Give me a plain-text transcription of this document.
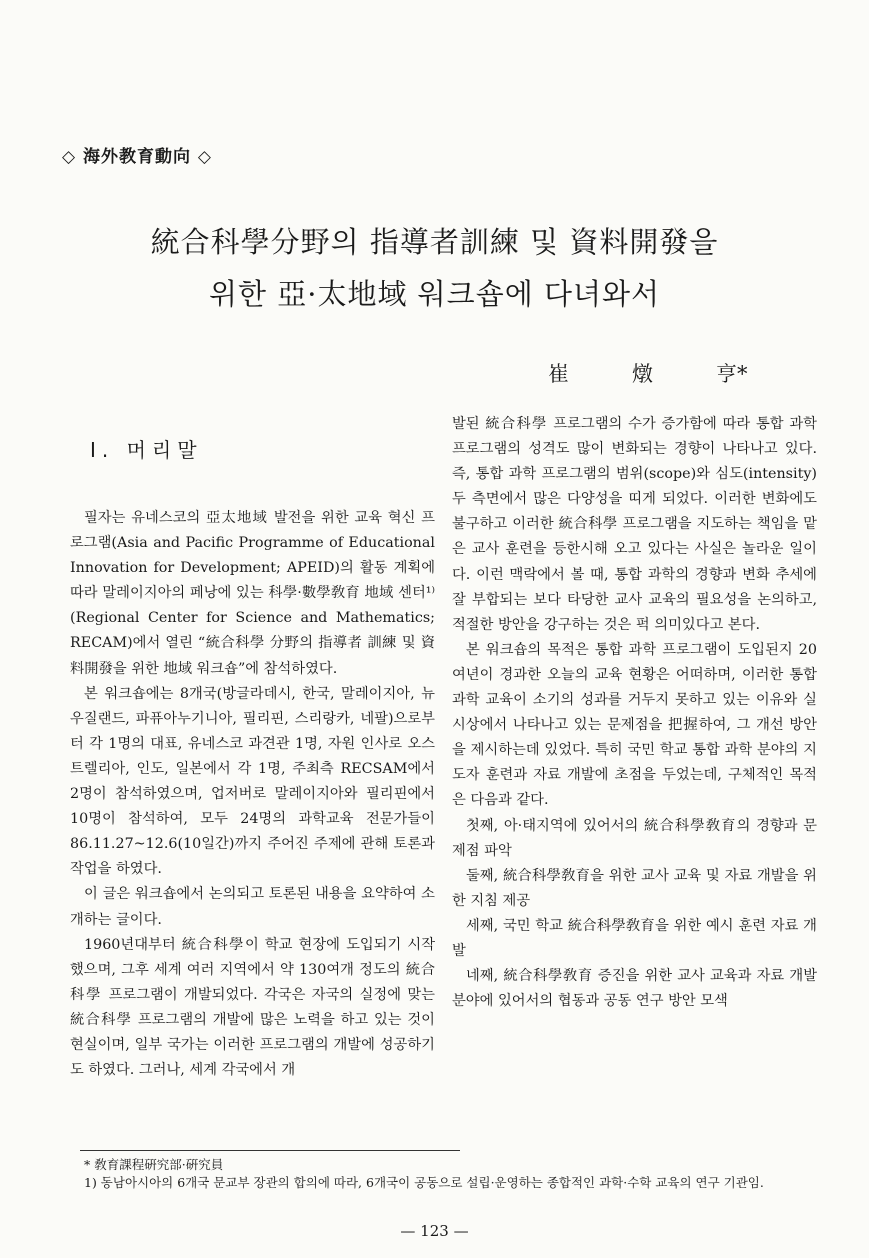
◇ 海外教育動向 ◇
統合科學分野의 指導者訓練 및 資料開發을
위한 亞·太地域 워크숍에 다녀와서
崔　　　燉　　　亨*
I. 머리말

필자는 유네스코의 亞太地域 발전을 위한 교육 혁신 프로그램(Asia and Pacific Programme of Educational Innovation for Development; APEID)의 활동 계획에 따라 말레이지아의 페낭에 있는 科學·數學敎育 地域 센터¹⁾(Regional Center for Science and Mathematics; RECAM)에서 열린 “統合科學 分野의 指導者 訓練 및 資料開發을 위한 地域 워크숍”에 참석하였다.

본 워크숍에는 8개국(방글라데시, 한국, 말레이지아, 뉴우질랜드, 파퓨아누기니아, 필리핀, 스리랑카, 네팔)으로부터 각 1명의 대표, 유네스코 과견관 1명, 자원 인사로 오스트렐리아, 인도, 일본에서 각 1명, 주최측 RECSAM에서 2명이 참석하였으며, 업저버로 말레이지아와 필리핀에서 10명이 참석하여, 모두 24명의 과학교육 전문가들이 86.11.27~12.6(10일간)까지 주어진 주제에 관해 토론과 작업을 하였다.

이 글은 워크숍에서 논의되고 토론된 내용을 요약하여 소개하는 글이다.

1960년대부터 統合科學이 학교 현장에 도입되기 시작했으며, 그후 세계 여러 지역에서 약 130여개 정도의 統合科學 프로그램이 개발되었다. 각국은 자국의 실정에 맞는 統合科學 프로그램의 개발에 많은 노력을 하고 있는 것이 현실이며, 일부 국가는 이러한 프로그램의 개발에 성공하기도 하였다. 그러나, 세계 각국에서 개

발된 統合科學 프로그램의 수가 증가함에 따라 통합 과학 프로그램의 성격도 많이 변화되는 경향이 나타나고 있다. 즉, 통합 과학 프로그램의 범위(scope)와 심도(intensity) 두 측면에서 많은 다양성을 띠게 되었다. 이러한 변화에도 불구하고 이러한 統合科學 프로그램을 지도하는 책임을 맡은 교사 훈련을 등한시해 오고 있다는 사실은 놀라운 일이다. 이런 맥락에서 볼 때, 통합 과학의 경향과 변화 추세에 잘 부합되는 보다 타당한 교사 교육의 필요성을 논의하고, 적절한 방안을 강구하는 것은 퍽 의미있다고 본다.

본 워크숍의 목적은 통합 과학 프로그램이 도입된지 20여년이 경과한 오늘의 교육 현황은 어떠하며, 이러한 통합 과학 교육이 소기의 성과를 거두지 못하고 있는 이유와 실시상에서 나타나고 있는 문제점을 把握하여, 그 개선 방안을 제시하는데 있었다. 특히 국민 학교 통합 과학 분야의 지도자 훈련과 자료 개발에 초점을 두었는데, 구체적인 목적은 다음과 같다.

첫째, 아·태지역에 있어서의 統合科學敎育의 경향과 문제점 파악

둘째, 統合科學敎育을 위한 교사 교육 및 자료 개발을 위한 지침 제공

세째, 국민 학교 統合科學敎育을 위한 예시 훈련 자료 개발

네째, 統合科學敎育 증진을 위한 교사 교육과 자료 개발 분야에 있어서의 협동과 공동 연구 방안 모색

* 敎育課程硏究部·硏究員
1) 동남아시아의 6개국 문교부 장관의 합의에 따라, 6개국이 공동으로 설립·운영하는 종합적인 과학·수학 교육의 연구 기관임.
— 123 —
